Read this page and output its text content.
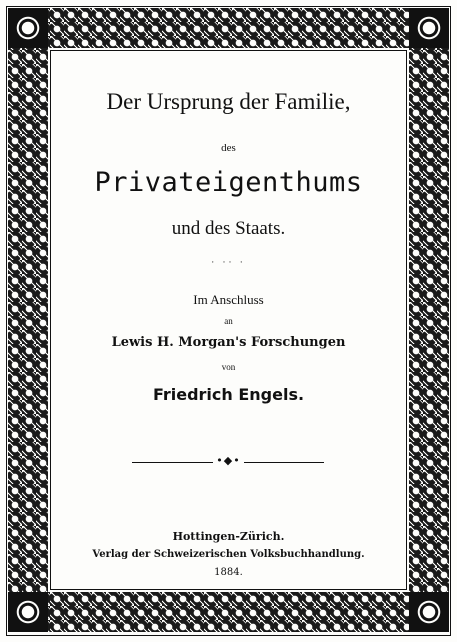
Der Ursprung der Familie,
des
Privateigenthums
und des Staats.
· ·· ·
Im Anschluss
an
Lewis H. Morgan's Forschungen
von
Friedrich Engels.
•◆•
Hottingen-Zürich.
Verlag der Schweizerischen Volksbuchhandlung.
1884.
